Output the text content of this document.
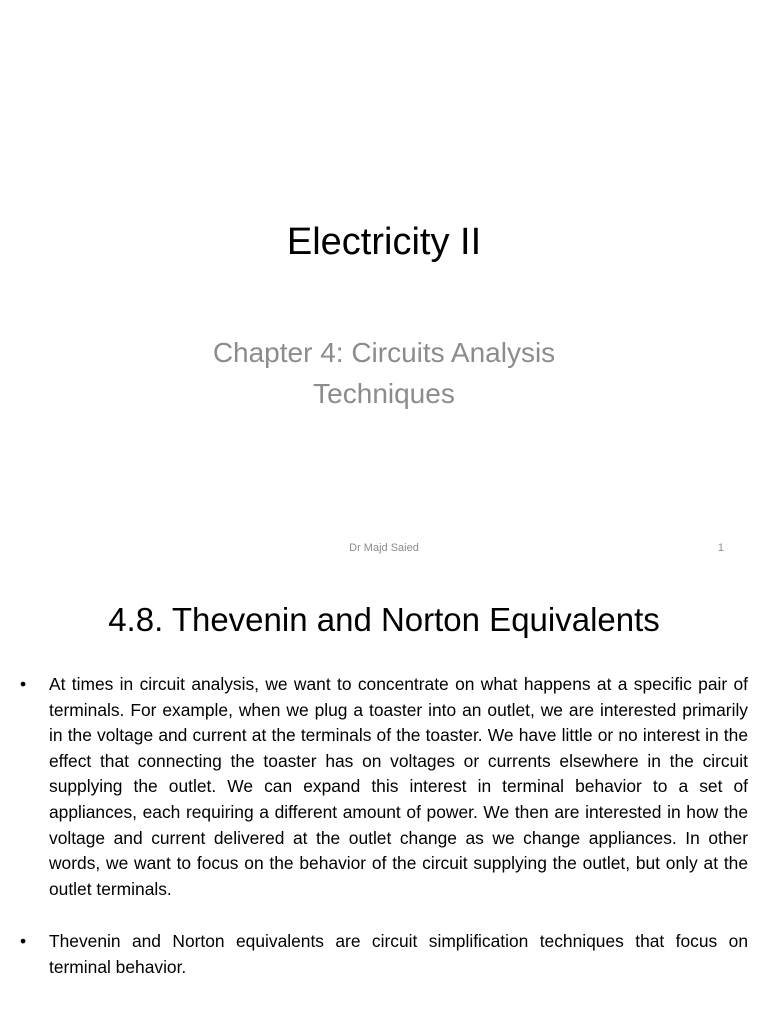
Electricity II
Chapter 4: Circuits Analysis
Techniques
Dr Majd Saied	1
4.8. Thevenin and Norton Equivalents
• At times in circuit analysis, we want to concentrate on what happens at a specific pair of terminals. For example, when we plug a toaster into an outlet, we are interested primarily in the voltage and current at the terminals of the toaster. We have little or no interest in the effect that connecting the toaster has on voltages or currents elsewhere in the circuit supplying the outlet. We can expand this interest in terminal behavior to a set of appliances, each requiring a different amount of power. We then are interested in how the voltage and current delivered at the outlet change as we change appliances. In other words, we want to focus on the behavior of the circuit supplying the outlet, but only at the outlet terminals.
• Thevenin and Norton equivalents are circuit simplification techniques that focus on terminal behavior.
